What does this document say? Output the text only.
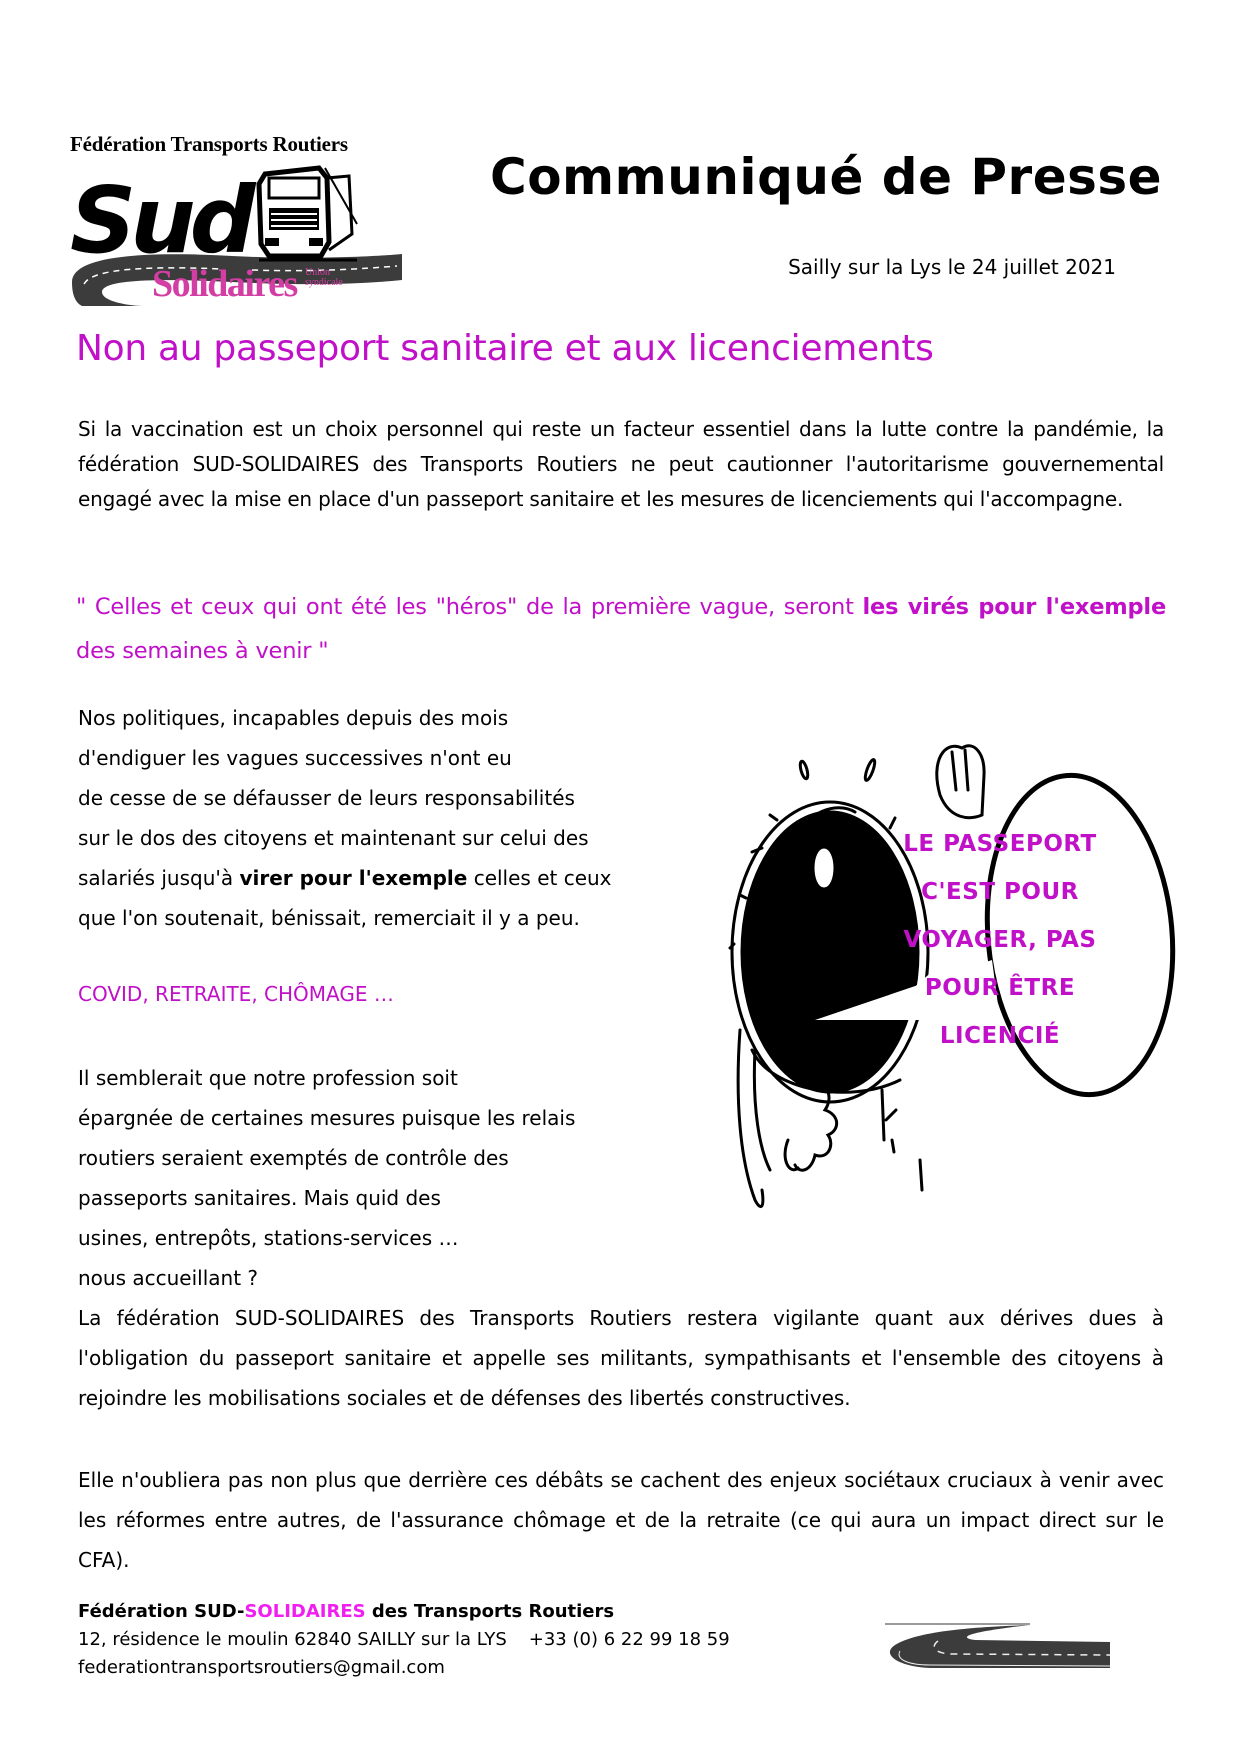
Fédération Transports Routiers
Sud
Solidaires Union
syndicale
Communiqué de Presse
Sailly sur la Lys le 24 juillet 2021
Non au passeport sanitaire et aux licenciements
Si la vaccination est un choix personnel qui reste un facteur essentiel dans la lutte contre la pandémie, la fédération SUD-SOLIDAIRES des Transports Routiers ne peut cautionner l'autoritarisme gouvernemental engagé avec la mise en place d'un passeport sanitaire et les mesures de licenciements qui l'accompagne.
" Celles et ceux qui ont été les "héros" de la première vague, seront les virés pour l'exemple des semaines à venir "
Nos politiques, incapables depuis des mois
d'endiguer les vagues successives n'ont eu
de cesse de se défausser de leurs responsabilités
sur le dos des citoyens et maintenant sur celui des
salariés jusqu'à virer pour l'exemple celles et ceux
que l'on soutenait, bénissait, remerciait il y a peu.
COVID, RETRAITE, CHÔMAGE …
Il semblerait que notre profession soit
épargnée de certaines mesures puisque les relais
routiers seraient exemptés de contrôle des
passeports sanitaires. Mais quid des
usines, entrepôts, stations-services …
nous accueillant ?
La fédération SUD-SOLIDAIRES des Transports Routiers restera vigilante quant aux dérives dues à l'obligation du passeport sanitaire et appelle ses militants, sympathisants et l'ensemble des citoyens à rejoindre les mobilisations sociales et de défenses des libertés constructives.
Elle n'oubliera pas non plus que derrière ces débâts se cachent des enjeux sociétaux cruciaux à venir avec les réformes entre autres, de l'assurance chômage et de la retraite (ce qui aura un impact direct sur le CFA).
LE PASSEPORT
C'EST POUR
VOYAGER, PAS
POUR ÊTRE
LICENCIÉ
Fédération SUD-SOLIDAIRES des Transports Routiers
12, résidence le moulin 62840 SAILLY sur la LYS +33 (0) 6 22 99 18 59
federationtransportsroutiers@gmail.com
